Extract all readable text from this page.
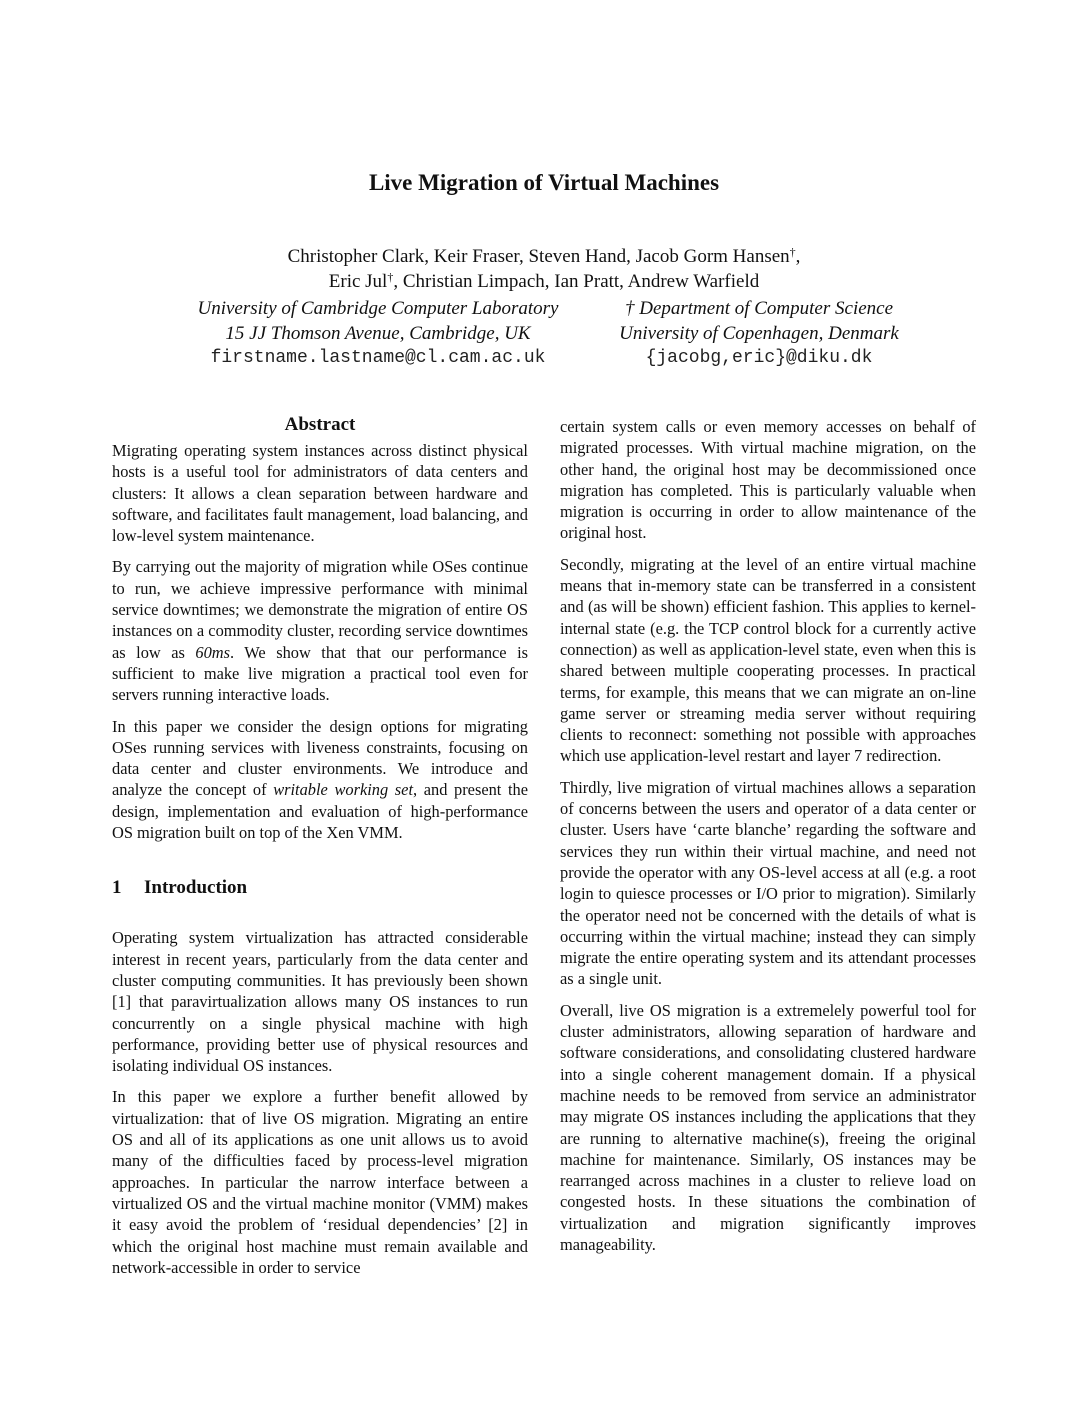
Live Migration of Virtual Machines
Christopher Clark, Keir Fraser, Steven Hand, Jacob Gorm Hansen†,
Eric Jul†, Christian Limpach, Ian Pratt, Andrew Warfield
University of Cambridge Computer Laboratory
15 JJ Thomson Avenue, Cambridge, UK
firstname.lastname@cl.cam.ac.uk
† Department of Computer Science
University of Copenhagen, Denmark
{jacobg,eric}@diku.dk
Abstract

Migrating operating system instances across distinct physical hosts is a useful tool for administrators of data centers and clusters: It allows a clean separation between hardware and software, and facilitates fault management, load balancing, and low-level system maintenance.

By carrying out the majority of migration while OSes continue to run, we achieve impressive performance with minimal service downtimes; we demonstrate the migration of entire OS instances on a commodity cluster, recording service downtimes as low as 60ms. We show that that our performance is sufficient to make live migration a practical tool even for servers running interactive loads.

In this paper we consider the design options for migrating OSes running services with liveness constraints, focusing on data center and cluster environments. We introduce and analyze the concept of writable working set, and present the design, implementation and evaluation of high-performance OS migration built on top of the Xen VMM.

1 Introduction

Operating system virtualization has attracted considerable interest in recent years, particularly from the data center and cluster computing communities. It has previously been shown [1] that paravirtualization allows many OS instances to run concurrently on a single physical machine with high performance, providing better use of physical resources and isolating individual OS instances.

In this paper we explore a further benefit allowed by virtualization: that of live OS migration. Migrating an entire OS and all of its applications as one unit allows us to avoid many of the difficulties faced by process-level migration approaches. In particular the narrow interface between a virtualized OS and the virtual machine monitor (VMM) makes it easy avoid the problem of ‘residual dependencies’ [2] in which the original host machine must remain available and network-accessible in order to service

certain system calls or even memory accesses on behalf of migrated processes. With virtual machine migration, on the other hand, the original host may be decommissioned once migration has completed. This is particularly valuable when migration is occurring in order to allow maintenance of the original host.

Secondly, migrating at the level of an entire virtual machine means that in-memory state can be transferred in a consistent and (as will be shown) efficient fashion. This applies to kernel-internal state (e.g. the TCP control block for a currently active connection) as well as application-level state, even when this is shared between multiple cooperating processes. In practical terms, for example, this means that we can migrate an on-line game server or streaming media server without requiring clients to reconnect: something not possible with approaches which use application-level restart and layer 7 redirection.

Thirdly, live migration of virtual machines allows a separation of concerns between the users and operator of a data center or cluster. Users have ‘carte blanche’ regarding the software and services they run within their virtual machine, and need not provide the operator with any OS-level access at all (e.g. a root login to quiesce processes or I/O prior to migration). Similarly the operator need not be concerned with the details of what is occurring within the virtual machine; instead they can simply migrate the entire operating system and its attendant processes as a single unit.

Overall, live OS migration is a extremelely powerful tool for cluster administrators, allowing separation of hardware and software considerations, and consolidating clustered hardware into a single coherent management domain. If a physical machine needs to be removed from service an administrator may migrate OS instances including the applications that they are running to alternative machine(s), freeing the original machine for maintenance. Similarly, OS instances may be rearranged across machines in a cluster to relieve load on congested hosts. In these situations the combination of virtualization and migration significantly improves manageability.
